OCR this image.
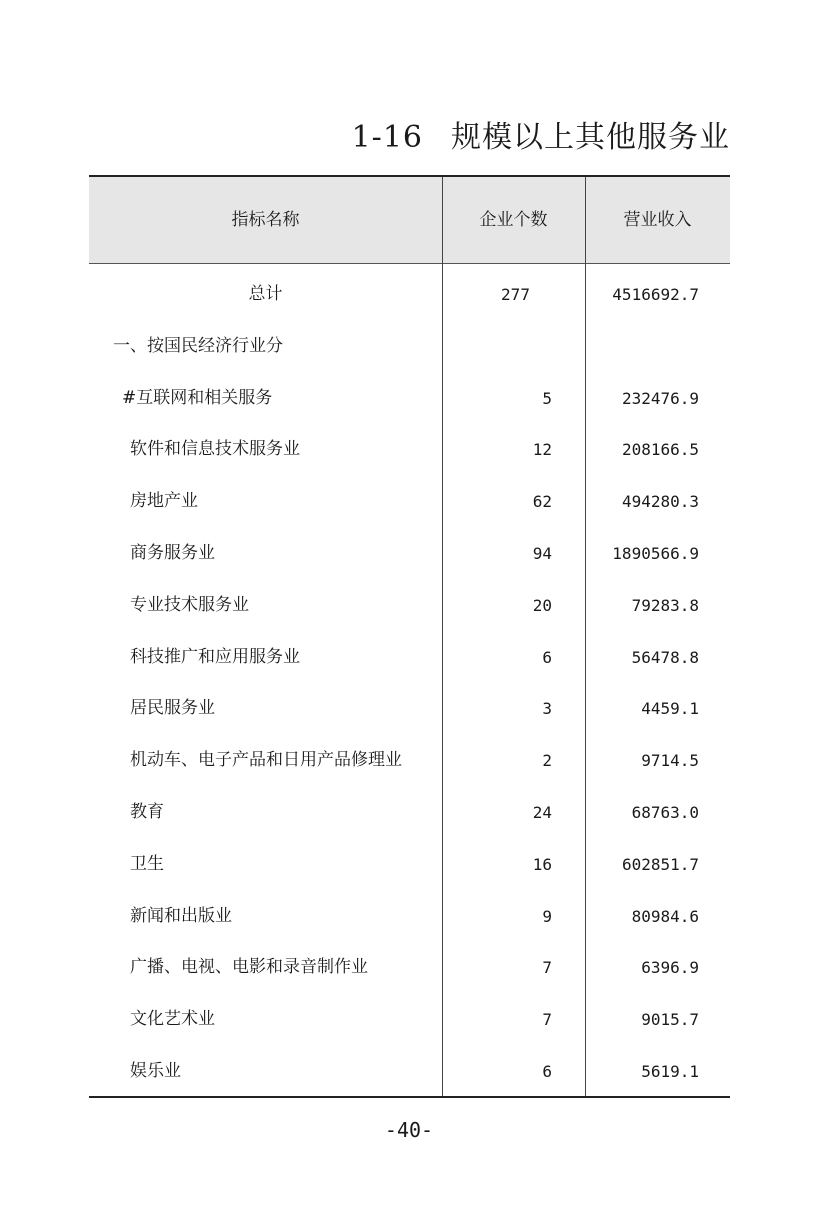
1-16 规模以上其他服务业
指标名称	企业个数	营业收入
总计	277	4516692.7
一、按国民经济行业分
#互联网和相关服务	5	232476.9
软件和信息技术服务业	12	208166.5
房地产业	62	494280.3
商务服务业	94	1890566.9
专业技术服务业	20	79283.8
科技推广和应用服务业	6	56478.8
居民服务业	3	4459.1
机动车、电子产品和日用产品修理业	2	9714.5
教育	24	68763.0
卫生	16	602851.7
新闻和出版业	9	80984.6
广播、电视、电影和录音制作业	7	6396.9
文化艺术业	7	9015.7
娱乐业	6	5619.1
-40-
